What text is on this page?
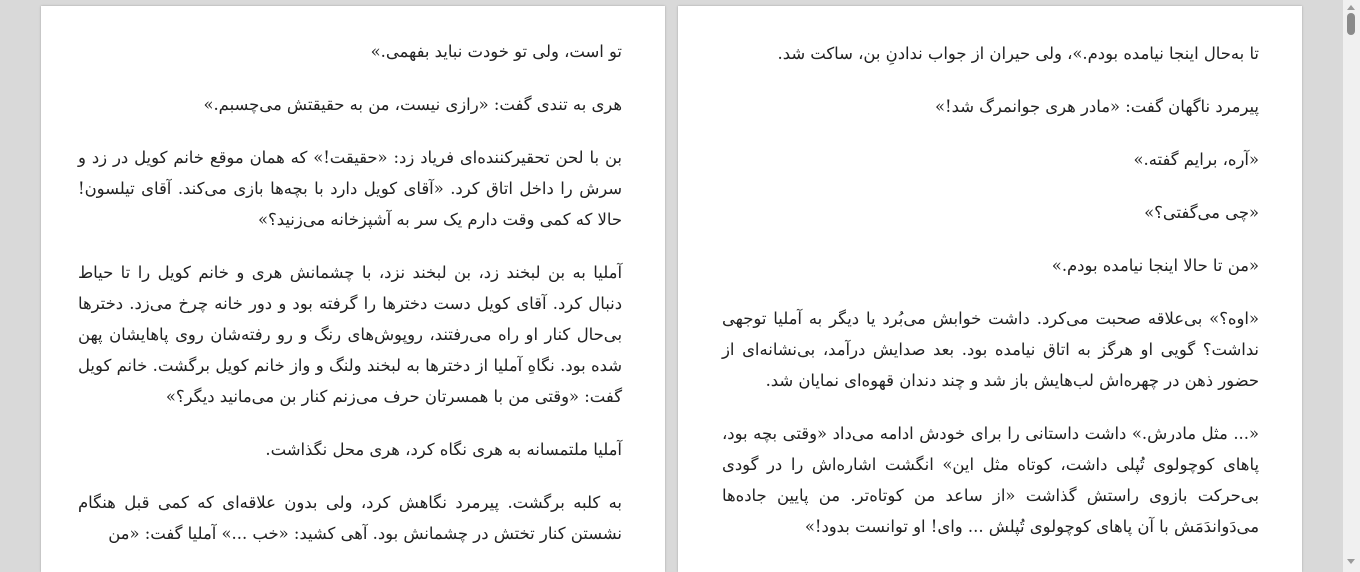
تو است، ولی تو خودت نباید بفهمی.»

هری به تندی گفت: «رازی نیست، من به حقیقتش می‌چسبم.»

بن با لحن تحقیرکننده‌ای فریاد زد: «حقیقت!» که همان موقع خانم کویل در زد و سرش را داخل اتاق کرد. «آقای کویل دارد با بچه‌ها بازی می‌کند. آقای تیلسون! حالا که کمی وقت دارم یک سر به آشپزخانه می‌زنید؟»

آملیا به بن لبخند زد، بن لبخند نزد، با چشمانش هری و خانم کویل را تا حیاط دنبال کرد. آقای کویل دست دخترها را گرفته بود و دور خانه چرخ می‌زد. دخترها بی‌حال کنار او راه می‌رفتند، روپوش‌های رنگ و رو رفته‌شان روی پاهایشان پهن شده بود. نگاهِ آملیا از دخترها به لبخند ولنگ و واز خانم کویل برگشت. خانم کویل گفت: «وقتی من با همسرتان حرف می‌زنم کنار بن می‌مانید دیگر؟»

آملیا ملتمسانه به هری نگاه کرد، هری محل نگذاشت.

به کلبه برگشت. پیرمرد نگاهش کرد، ولی بدون علاقه‌ای که کمی قبل هنگام نشستن کنار تختش در چشمانش بود. آهی کشید: «خب ...» آملیا گفت: «من

تا به‌حال اینجا نیامده بودم.»، ولی حیران از جواب ندادنِ بن، ساکت شد.

پیرمرد ناگهان گفت: «مادر هری جوانمرگ شد!»

«آره، برایم گفته.»

«چی می‌گفتی؟»

«من تا حالا اینجا نیامده بودم.»

«اوه؟» بی‌علاقه صحبت می‌کرد. داشت خوابش می‌بُرد یا دیگر به آملیا توجهی نداشت؟ گویی او هرگز به اتاق نیامده بود. بعد صدایش درآمد، بی‌نشانه‌ای از حضور ذهن در چهره‌اش لب‌هایش باز شد و چند دندان قهوه‌ای نمایان شد.

«... مثل مادرش.» داشت داستانی را برای خودش ادامه می‌داد «وقتی بچه بود، پاهای کوچولوی تُپلی داشت، کوتاه مثل این» انگشت اشاره‌اش را در گودی بی‌حرکت بازوی راستش گذاشت «از ساعد من کوتاه‌تر. من پایین جاده‌ها می‌دَواندَمَش با آن پاهای کوچولوی تُپلش ... وای! او توانست بدود!»
